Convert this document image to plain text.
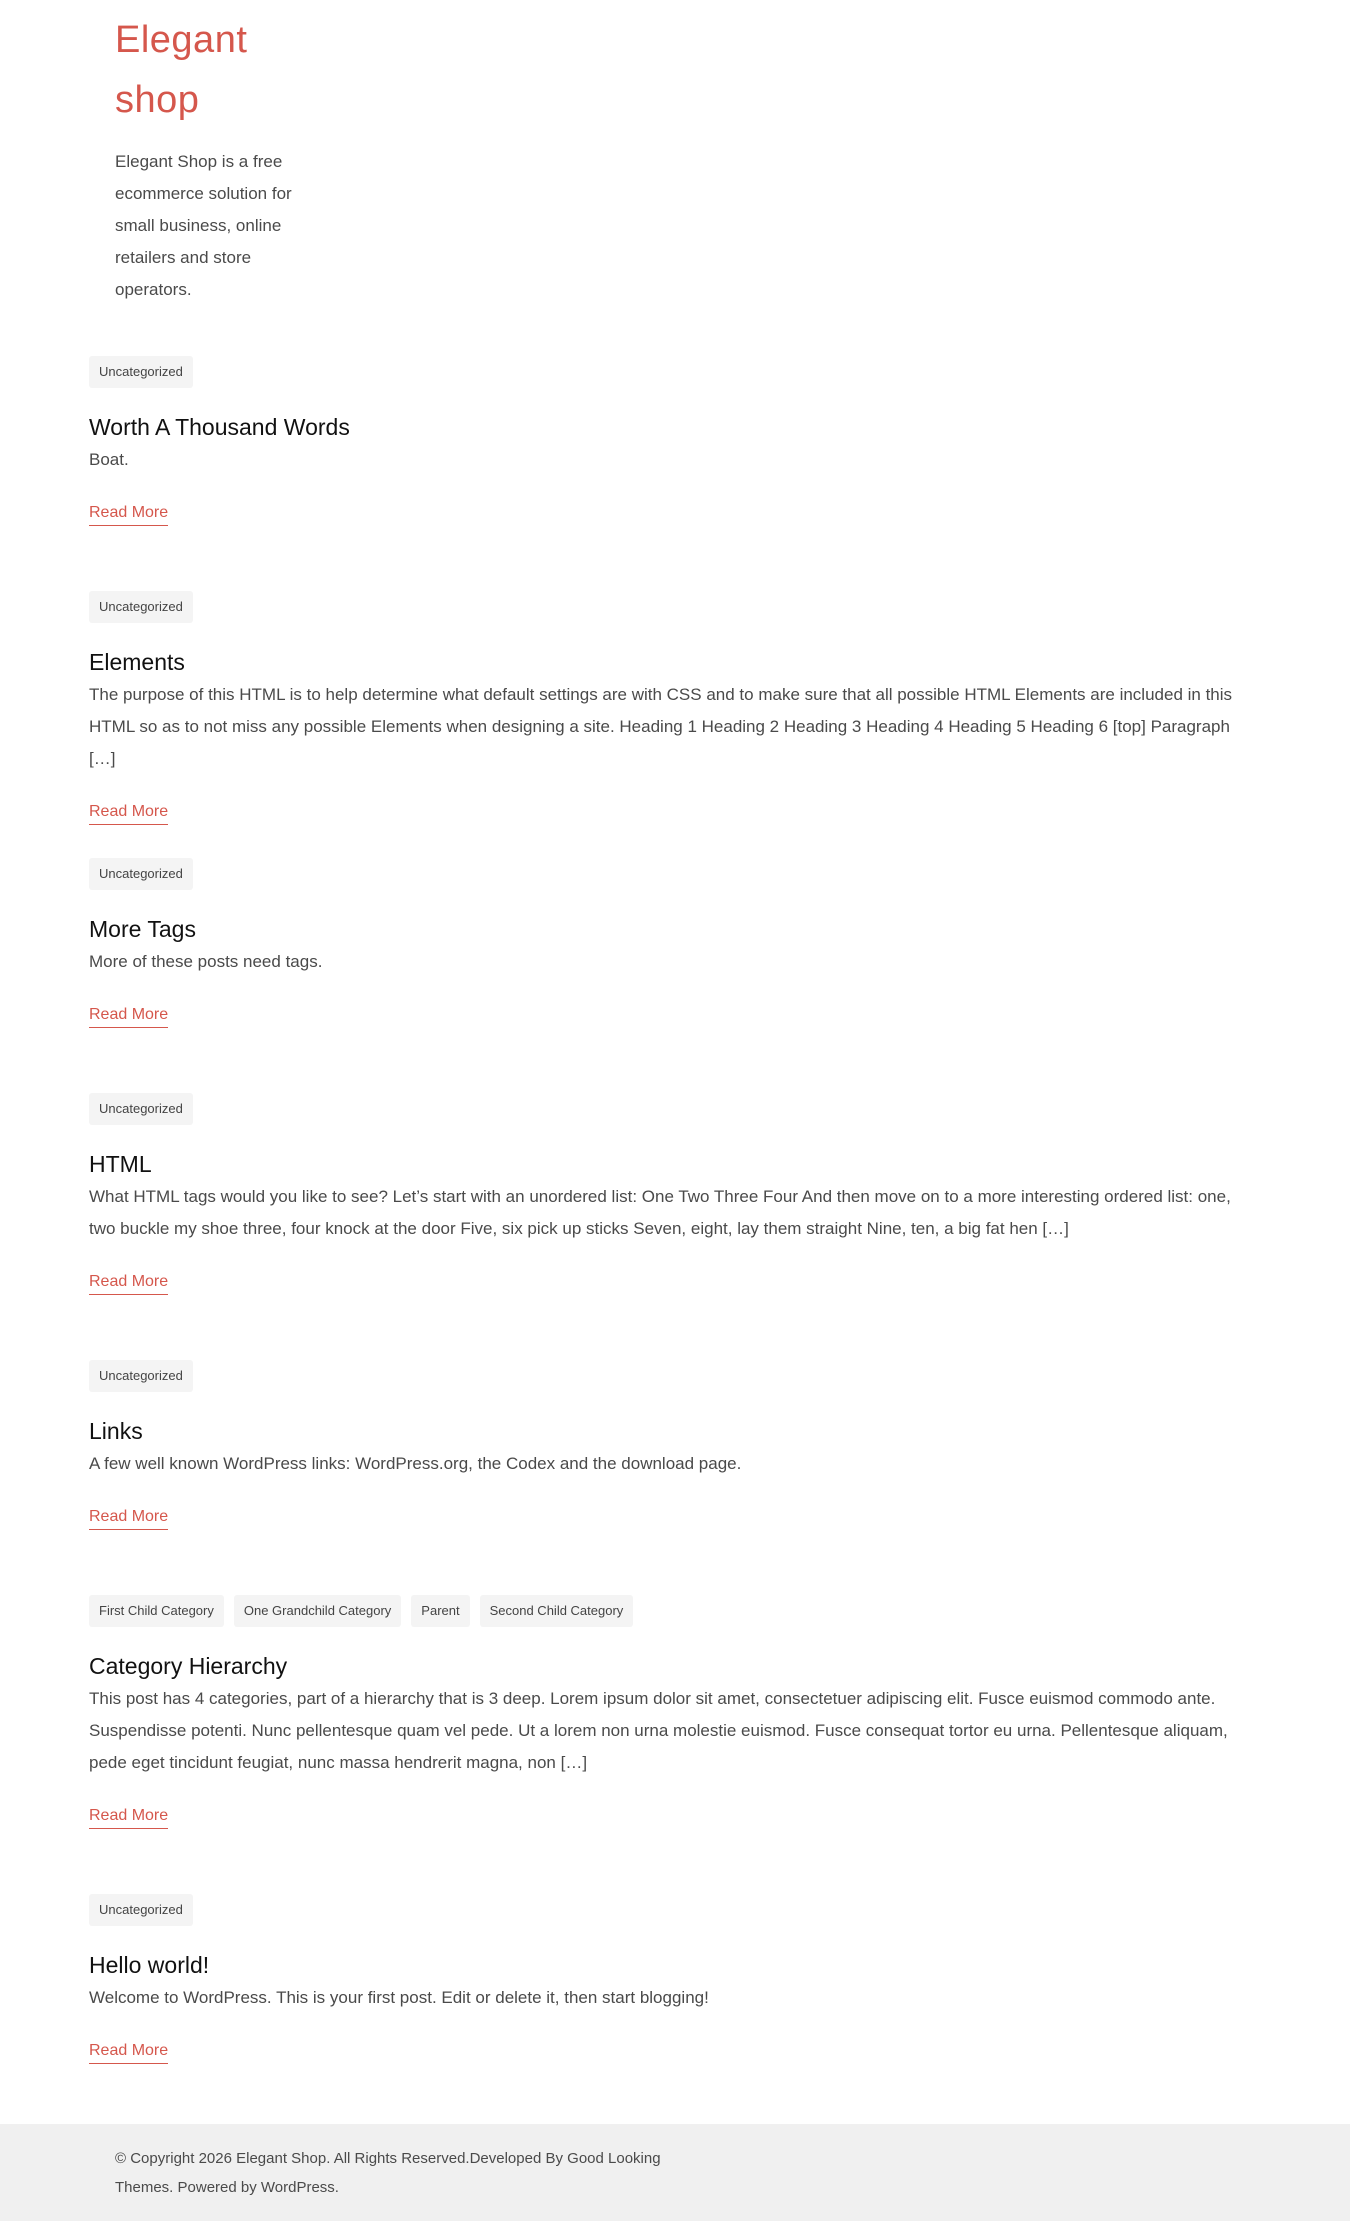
Elegant
shop
Elegant Shop is a free ecommerce solution for small business, online retailers and store operators.
Uncategorized
Worth A Thousand Words

Boat.

Read More
Uncategorized
Elements

The purpose of this HTML is to help determine what default settings are with CSS and to make sure that all possible HTML Elements are included in this HTML so as to not miss any possible Elements when designing a site. Heading 1 Heading 2 Heading 3 Heading 4 Heading 5 Heading 6 [top] Paragraph […]

Read More
Uncategorized
More Tags

More of these posts need tags.

Read More
Uncategorized
HTML

What HTML tags would you like to see? Let’s start with an unordered list: One Two Three Four And then move on to a more interesting ordered list: one, two buckle my shoe three, four knock at the door Five, six pick up sticks Seven, eight, lay them straight Nine, ten, a big fat hen […]

Read More
Uncategorized
Links

A few well known WordPress links: WordPress.org, the Codex and the download page.

Read More
First Child Category	One Grandchild Category	Parent	Second Child Category
Category Hierarchy

This post has 4 categories, part of a hierarchy that is 3 deep. Lorem ipsum dolor sit amet, consectetuer adipiscing elit. Fusce euismod commodo ante. Suspendisse potenti. Nunc pellentesque quam vel pede. Ut a lorem non urna molestie euismod. Fusce consequat tortor eu urna. Pellentesque aliquam, pede eget tincidunt feugiat, nunc massa hendrerit magna, non […]

Read More
Uncategorized
Hello world!

Welcome to WordPress. This is your first post. Edit or delete it, then start blogging!

Read More
© Copyright 2026 Elegant Shop. All Rights Reserved.Developed By Good Looking Themes. Powered by WordPress.
